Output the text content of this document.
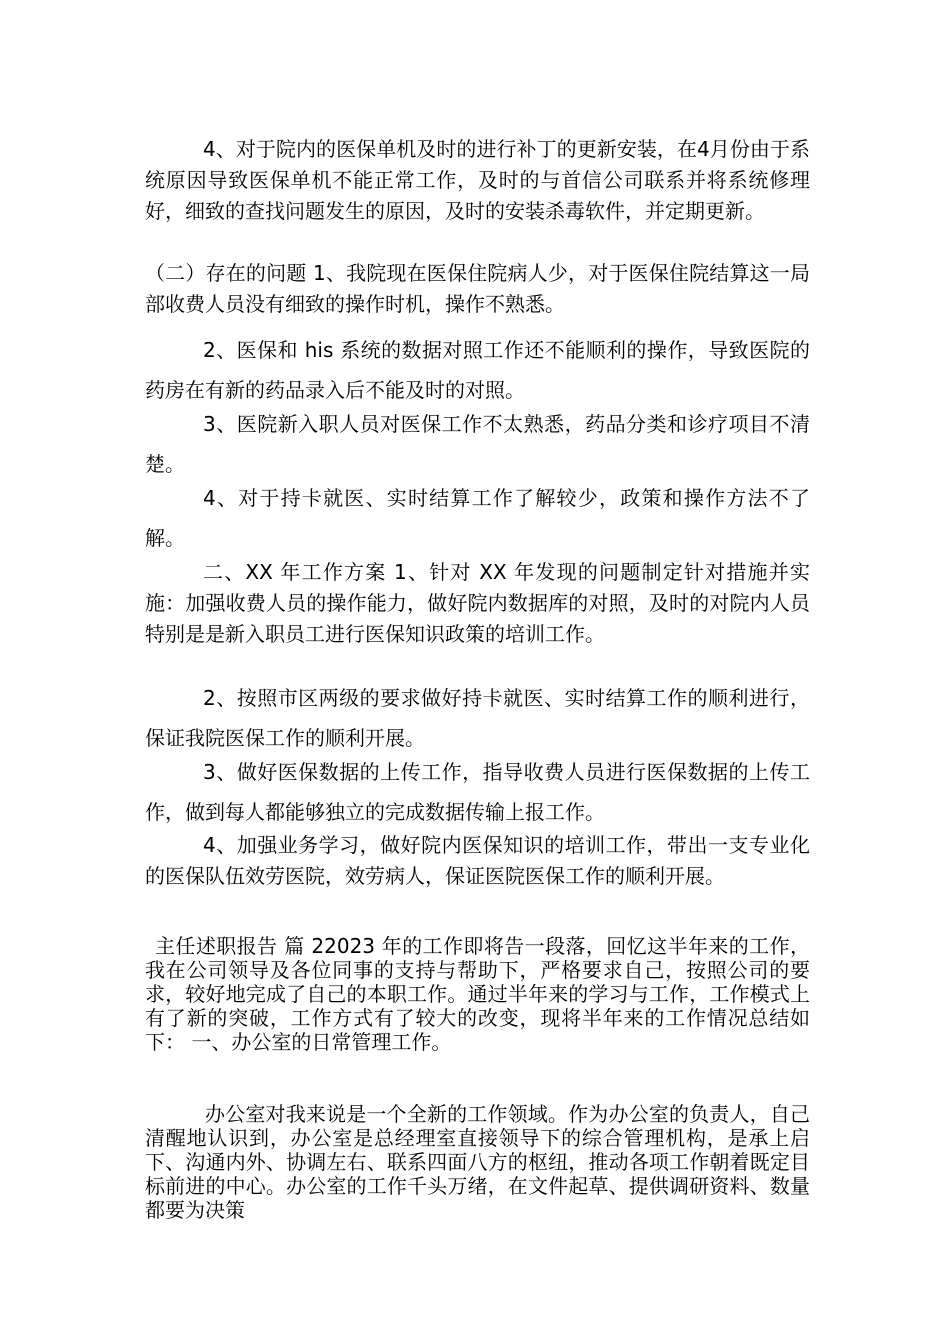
4、对于院内的医保单机及时的进行补丁的更新安装，在4月份由于系统原因导致医保单机不能正常工作，及时的与首信公司联系并将系统修理好，细致的查找问题发生的原因，及时的安装杀毒软件，并定期更新。

（二）存在的问题 1、我院现在医保住院病人少，对于医保住院结算这一局部收费人员没有细致的操作时机，操作不熟悉。

2、医保和 his 系统的数据对照工作还不能顺利的操作，导致医院的药房在有新的药品录入后不能及时的对照。

3、医院新入职人员对医保工作不太熟悉，药品分类和诊疗项目不清楚。

4、对于持卡就医、实时结算工作了解较少，政策和操作方法不了解。

二、XX 年工作方案 1、针对 XX 年发现的问题制定针对措施并实施：加强收费人员的操作能力，做好院内数据库的对照，及时的对院内人员特别是是新入职员工进行医保知识政策的培训工作。

2、按照市区两级的要求做好持卡就医、实时结算工作的顺利进行，保证我院医保工作的顺利开展。

3、做好医保数据的上传工作，指导收费人员进行医保数据的上传工作，做到每人都能够独立的完成数据传输上报工作。

4、加强业务学习，做好院内医保知识的培训工作，带出一支专业化的医保队伍效劳医院，效劳病人，保证医院医保工作的顺利开展。

主任述职报告 篇 22023 年的工作即将告一段落，回忆这半年来的工作，我在公司领导及各位同事的支持与帮助下，严格要求自己，按照公司的要求，较好地完成了自己的本职工作。通过半年来的学习与工作，工作模式上有了新的突破，工作方式有了较大的改变，现将半年来的工作情况总结如下： 一、办公室的日常管理工作。

办公室对我来说是一个全新的工作领域。作为办公室的负责人，自己清醒地认识到，办公室是总经理室直接领导下的综合管理机构，是承上启下、沟通内外、协调左右、联系四面八方的枢纽，推动各项工作朝着既定目标前进的中心。办公室的工作千头万绪，在文件起草、提供调研资料、数量都要为决策
